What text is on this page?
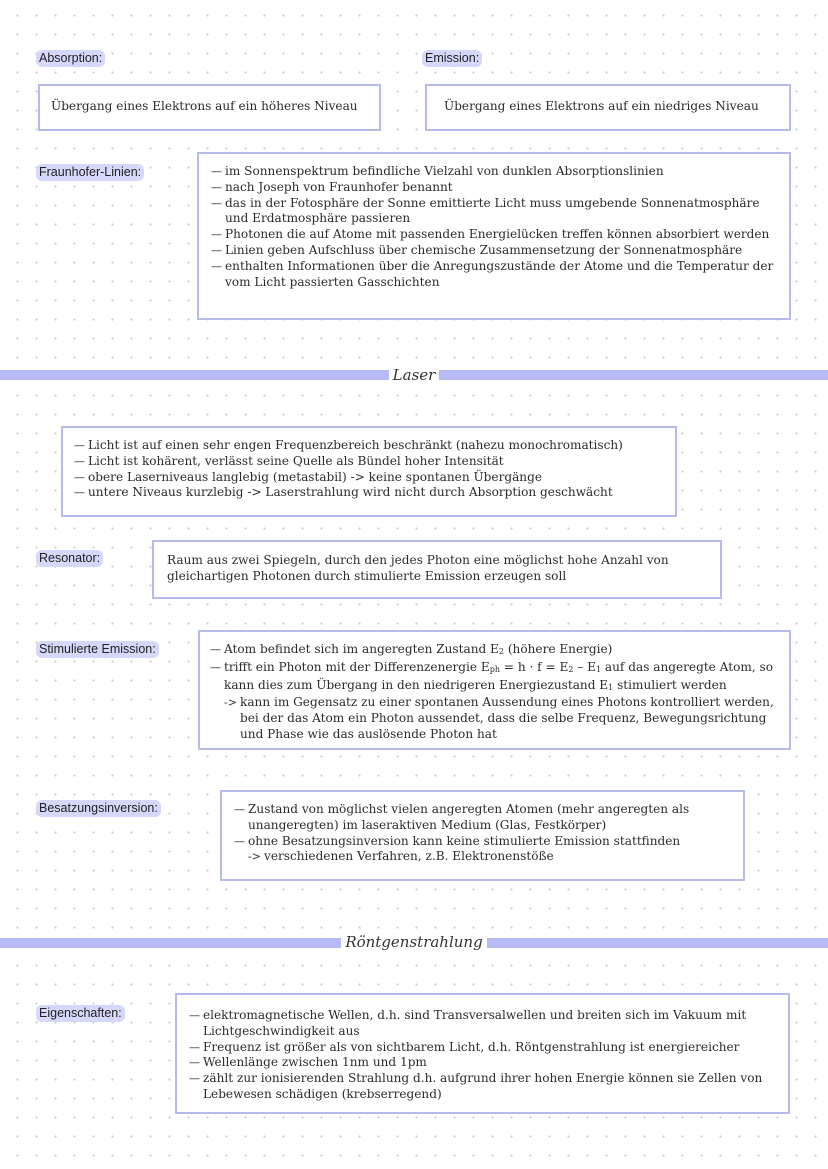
Absorption:
Übergang eines Elektrons auf ein höheres Niveau
Emission:
Übergang eines Elektrons auf ein niedriges Niveau
Fraunhofer-Linien:	— im Sonnenspektrum befindliche Vielzahl von dunklen Absorptionslinien
— nach Joseph von Fraunhofer benannt
— das in der Fotosphäre der Sonne emittierte Licht muss umgebende Sonnenatmosphäre und Erdatmosphäre passieren
— Photonen die auf Atome mit passenden Energielücken treffen können absorbiert werden
— Linien geben Aufschluss über chemische Zusammensetzung der Sonnenatmosphäre
— enthalten Informationen über die Anregungszustände der Atome und die Temperatur der vom Licht passierten Gasschichten
Laser
— Licht ist auf einen sehr engen Frequenzbereich beschränkt (nahezu monochromatisch)
— Licht ist kohärent, verlässt seine Quelle als Bündel hoher Intensität
— obere Laserniveaus langlebig (metastabil) -> keine spontanen Übergänge
— untere Niveaus kurzlebig -> Laserstrahlung wird nicht durch Absorption geschwächt
Resonator:	Raum aus zwei Spiegeln, durch den jedes Photon eine möglichst hohe Anzahl von gleichartigen Photonen durch stimulierte Emission erzeugen soll
Stimulierte Emission:	— Atom befindet sich im angeregten Zustand $E_2$ (höhere Energie)
— trifft ein Photon mit der Differenzenergie $E_{ph} = h \cdot f = E_2 - E_1$ auf das angeregte Atom, so kann dies zum Übergang in den niedrigeren Energiezustand $E_1$ stimuliert werden
-> kann im Gegensatz zu einer spontanen Aussendung eines Photons kontrolliert werden, bei der das Atom ein Photon aussendet, dass die selbe Frequenz, Bewegungsrichtung und Phase wie das auslösende Photon hat
Besatzungsinversion:	— Zustand von möglichst vielen angeregten Atomen (mehr angeregten als unangeregten) im laseraktiven Medium (Glas, Festkörper)
— ohne Besatzungsinversion kann keine stimulierte Emission stattfinden
-> verschiedenen Verfahren, z.B. Elektronenstöße
Röntgenstrahlung
Eigenschaften:	— elektromagnetische Wellen, d.h. sind Transversalwellen und breiten sich im Vakuum mit Lichtgeschwindigkeit aus
— Frequenz ist größer als von sichtbarem Licht, d.h. Röntgenstrahlung ist energiereicher
— Wellenlänge zwischen 1nm und 1pm
— zählt zur ionisierenden Strahlung d.h. aufgrund ihrer hohen Energie können sie Zellen von Lebewesen schädigen (krebserregend)
